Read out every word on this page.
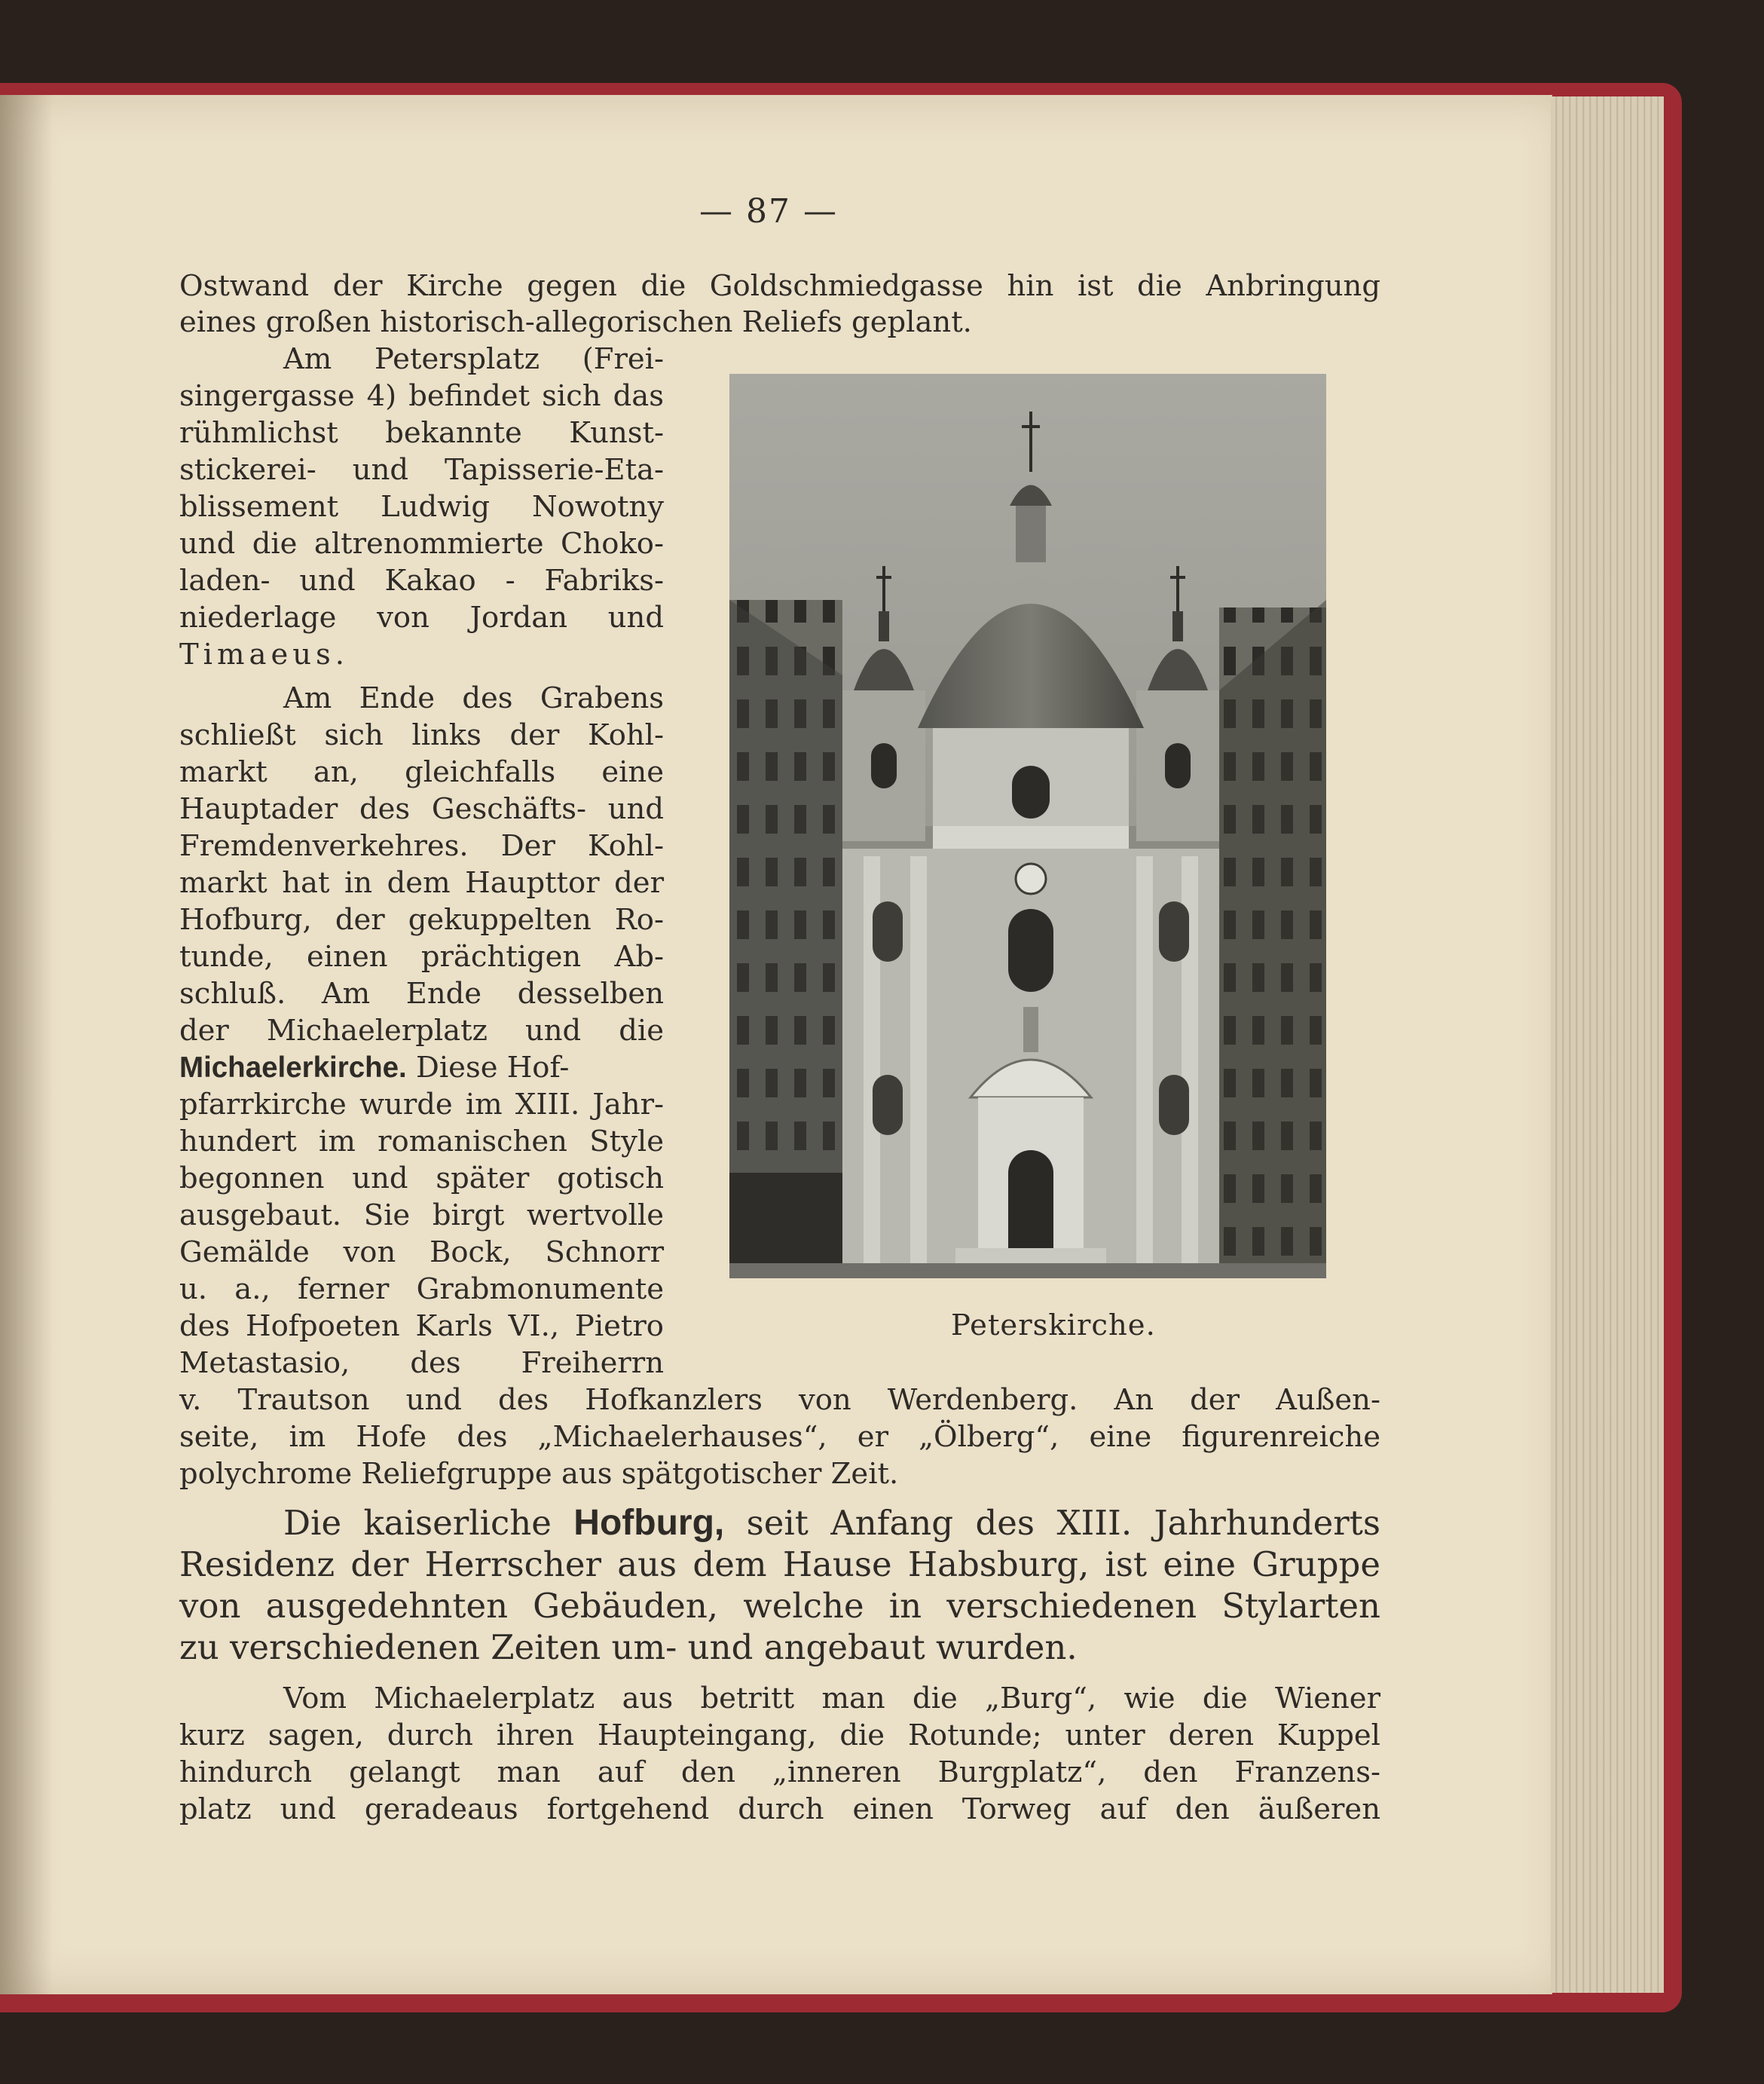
— 87 —
Ostwand der Kirche gegen die Goldschmiedgasse hin ist die Anbringung
eines großen historisch-allegorischen Reliefs geplant.
Am Petersplatz (Frei-
singergasse 4) befindet sich das
rühmlichst bekannte Kunst-
stickerei- und Tapisserie-Eta-
blissement Ludwig Nowotny
und die altrenommierte Choko-
laden- und Kakao - Fabriks-
niederlage von Jordan und
Timaeus.
Am Ende des Grabens
schließt sich links der Kohl-
markt an, gleichfalls eine
Hauptader des Geschäfts- und
Fremdenverkehres. Der Kohl-
markt hat in dem Haupttor der
Hofburg, der gekuppelten Ro-
tunde, einen prächtigen Ab-
schluß. Am Ende desselben
der Michaelerplatz und die
Michaelerkirche. Diese Hof-
pfarrkirche wurde im XIII. Jahr-
hundert im romanischen Style
begonnen und später gotisch
ausgebaut. Sie birgt wertvolle
Gemälde von Bock, Schnorr
u. a., ferner Grabmonumente
des Hofpoeten Karls VI., Pietro
Metastasio, des Freiherrn
Peterskirche.
v. Trautson und des Hofkanzlers von Werdenberg. An der Außen-
seite, im Hofe des „Michaelerhauses“, er „Ölberg“, eine figurenreiche
polychrome Reliefgruppe aus spätgotischer Zeit.
Die kaiserliche Hofburg, seit Anfang des XIII. Jahrhunderts
Residenz der Herrscher aus dem Hause Habsburg, ist eine Gruppe
von ausgedehnten Gebäuden, welche in verschiedenen Stylarten
zu verschiedenen Zeiten um- und angebaut wurden.
Vom Michaelerplatz aus betritt man die „Burg“, wie die Wiener
kurz sagen, durch ihren Haupteingang, die Rotunde; unter deren Kuppel
hindurch gelangt man auf den „inneren Burgplatz“, den Franzens-
platz und geradeaus fortgehend durch einen Torweg auf den äußeren
